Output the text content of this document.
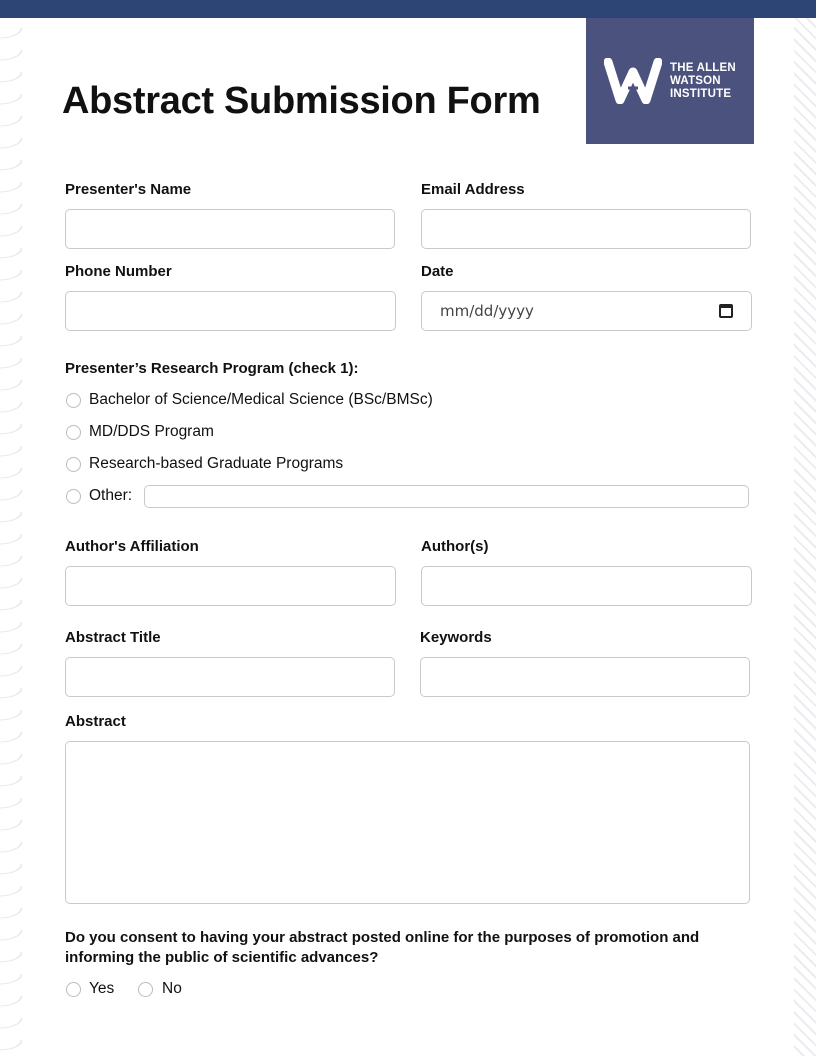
THE ALLEN
WATSON
INSTITUTE
Abstract Submission Form
Presenter's Name	Email Address
Phone Number	Date
mm/dd/yyyy
Presenter’s Research Program (check 1):
Bachelor of Science/Medical Science (BSc/BMSc)
MD/DDS Program
Research-based Graduate Programs
Other:
Author's Affiliation	Author(s)
Abstract Title	Keywords
Abstract
Do you consent to having your abstract posted online for the purposes of promotion and
informing the public of scientific advances?
Yes	No
